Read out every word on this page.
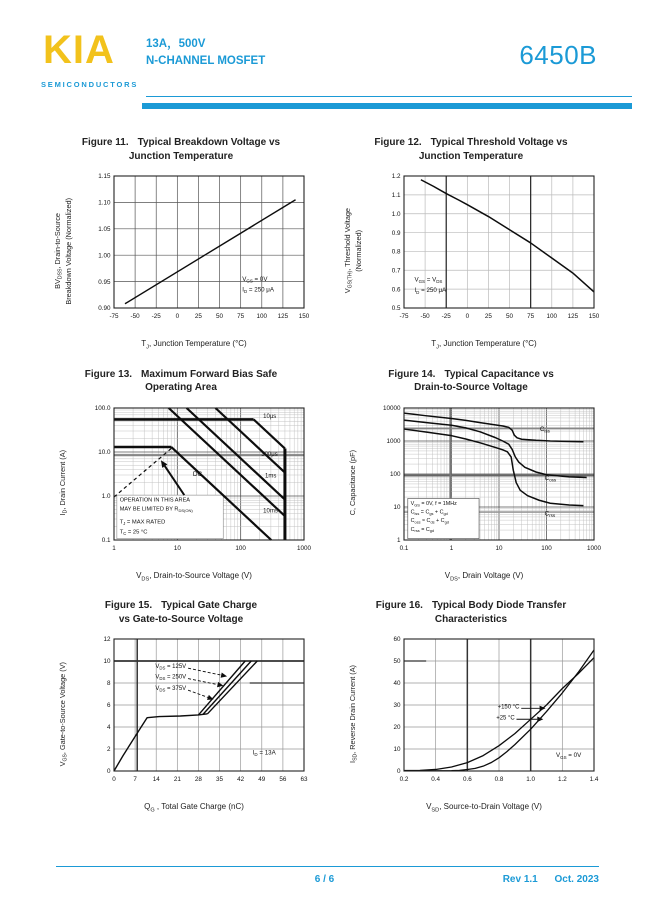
KIA
SEMICONDUCTORS
13A，500V
N-CHANNEL MOSFET	6450B
Figure 11. Typical Breakdown Voltage vs
Junction Temperature
$BV_{DSS}$, Drain-to-Source Breakdown Voltage (Normalized)
-75 -50 -25 0	25 50 75 100 125 150
0.90
0.95
1.00
1.05
1.10
1.15
$V_{GS} = 0V$
$I_D = 250$ μA
$T_J$, Junction Temperature (°C)
Figure 12. Typical Threshold Voltage vs
Junction Temperature
$V_{GS(TH)}$, Threshold Voltage (Normalized)
-75 -50 -25 0	25 50 75 100 125 150
0.5
0.6
0.7
0.8
0.9
1.0
1.1
1.2
$V_{GS} = V_{DS}$
$I_D = 250$ μA
$T_J$, Junction Temperature (°C)
Figure 13. Maximum Forward Bias Safe
Operating Area
$I_D$, Drain Current (A)
1	10	100	1000
100.0
10.0
1.0
0.1
10μs
300μs
1ms
10ms
DC
OPERATION IN THIS AREA
MAY BE LIMITED BY $R_{DS(ON)}$
$T_J$ = MAX RATED
$T_C = 25$ °C
$V_{DS}$, Drain-to-Source Voltage (V)
Figure 14. Typical Capacitance vs
Drain-to-Source Voltage
C, Capacitance (pF)
0.1	1	10	100	1000
10000
1000
100
10
1
$C_{iss}$
$C_{oss}$
$C_{rss}$
$V_{GS} = 0V$, f = 1MHz
$C_{iss} = C_{gs} + C_{gd}$
$C_{oss} \approx C_{ds} + C_{gd}$
$C_{rss} = C_{gd}$
$V_{DS}$, Drain Voltage (V)
Figure 15. Typical Gate Charge
vs Gate-to-Source Voltage
$V_{GS}$, Gate-to-Source Voltage (V)
0	7	14 21 28 35 42 49 56 63
0
2
4
6
8
10
12
$V_{DS} = 125V$
$V_{DS} = 250V$
$V_{DS} = 375V$
$I_D = 13A$
$Q_G$ , Total Gate Charge (nC)
Figure 16. Typical Body Diode Transfer
Characteristics
$I_{SD}$, Reverse Drain Current (A)
0.2	0.4	0.6	0.8	1.0	1.2	1.4
0
10
20
30
40
50
60
+150 °C
+25 °C
$V_{GS} = 0V$
$V_{SD}$, Source-to-Drain Voltage (V)
6 / 6	Rev 1.1 Oct. 2023
